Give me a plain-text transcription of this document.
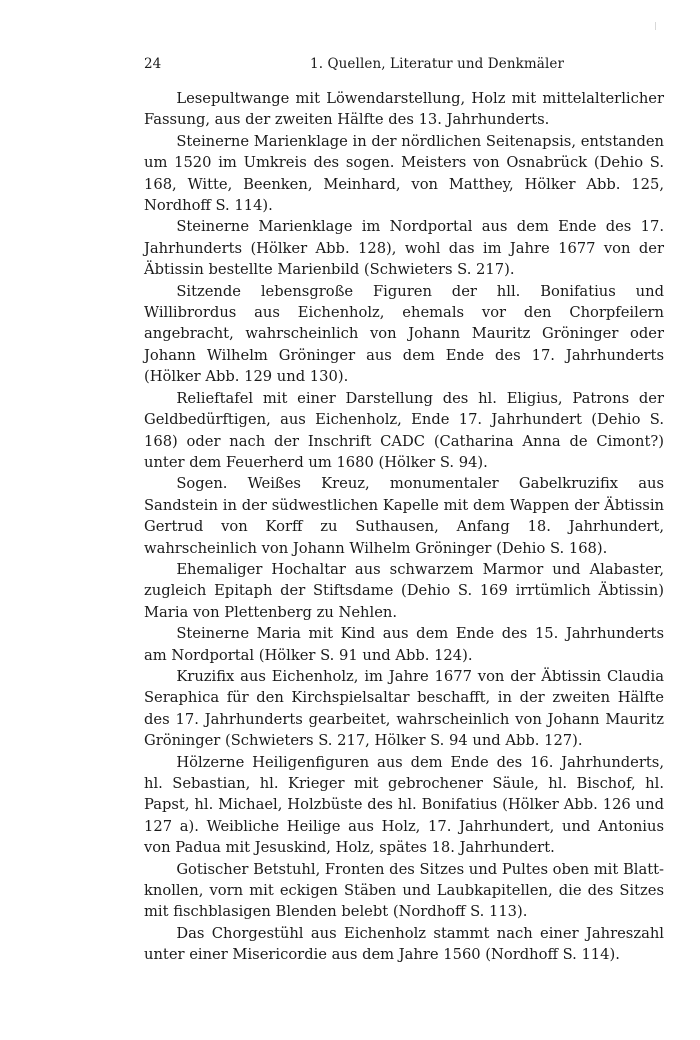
24	1. Quellen, Literatur und Denkmäler

Lesepultwange mit Löwendarstellung, Holz mit mittelalterlicher Fassung, aus der zweiten Hälfte des 13. Jahrhunderts.

Steinerne Marienklage in der nördlichen Seitenapsis, entstanden um 1520 im Umkreis des sogen. Meisters von Osnabrück (Dehio S. 168, Witte, Beenken, Meinhard, von Matthey, Hölker Abb. 125, Nordhoff S. 114).

Steinerne Marienklage im Nordportal aus dem Ende des 17. Jahrhunderts (Hölker Abb. 128), wohl das im Jahre 1677 von der Äbtissin bestellte Marienbild (Schwieters S. 217).

Sitzende lebensgroße Figuren der hll. Bonifatius und Willibrordus aus Eichenholz, ehemals vor den Chorpfeilern angebracht, wahrscheinlich von Johann Mauritz Gröninger oder Johann Wilhelm Gröninger aus dem Ende des 17. Jahrhunderts (Hölker Abb. 129 und 130).

Relieftafel mit einer Darstellung des hl. Eligius, Patrons der Geldbedürftigen, aus Eichenholz, Ende 17. Jahrhundert (Dehio S. 168) oder nach der Inschrift CADC (Catharina Anna de Cimont?) unter dem Feuerherd um 1680 (Hölker S. 94).

Sogen. Weißes Kreuz, monumentaler Gabelkruzifix aus Sandstein in der südwestlichen Kapelle mit dem Wappen der Äbtissin Gertrud von Korff zu Suthausen, Anfang 18. Jahrhundert, wahrscheinlich von Johann Wilhelm Gröninger (Dehio S. 168).

Ehemaliger Hochaltar aus schwarzem Marmor und Alabaster, zugleich Epitaph der Stiftsdame (Dehio S. 169 irrtümlich Äbtissin) Maria von Plettenberg zu Nehlen.

Steinerne Maria mit Kind aus dem Ende des 15. Jahrhunderts am Nordportal (Hölker S. 91 und Abb. 124).

Kruzifix aus Eichenholz, im Jahre 1677 von der Äbtissin Claudia Seraphica für den Kirchspielsaltar beschafft, in der zweiten Hälfte des 17. Jahrhunderts gearbeitet, wahrscheinlich von Johann Mauritz Gröninger (Schwieters S. 217, Hölker S. 94 und Abb. 127).

Hölzerne Heiligenfiguren aus dem Ende des 16. Jahrhunderts, hl. Sebastian, hl. Krieger mit gebrochener Säule, hl. Bischof, hl. Papst, hl. Michael, Holzbüste des hl. Bonifatius (Hölker Abb. 126 und 127 a). Weibliche Heilige aus Holz, 17. Jahrhundert, und Antonius von Padua mit Jesuskind, Holz, spätes 18. Jahrhundert.

Gotischer Betstuhl, Fronten des Sitzes und Pultes oben mit Blattknollen, vorn mit eckigen Stäben und Laubkapitellen, die des Sitzes mit fischblasigen Blenden belebt (Nordhoff S. 113).

Das Chorgestühl aus Eichenholz stammt nach einer Jahreszahl unter einer Misericordie aus dem Jahre 1560 (Nordhoff S. 114).
